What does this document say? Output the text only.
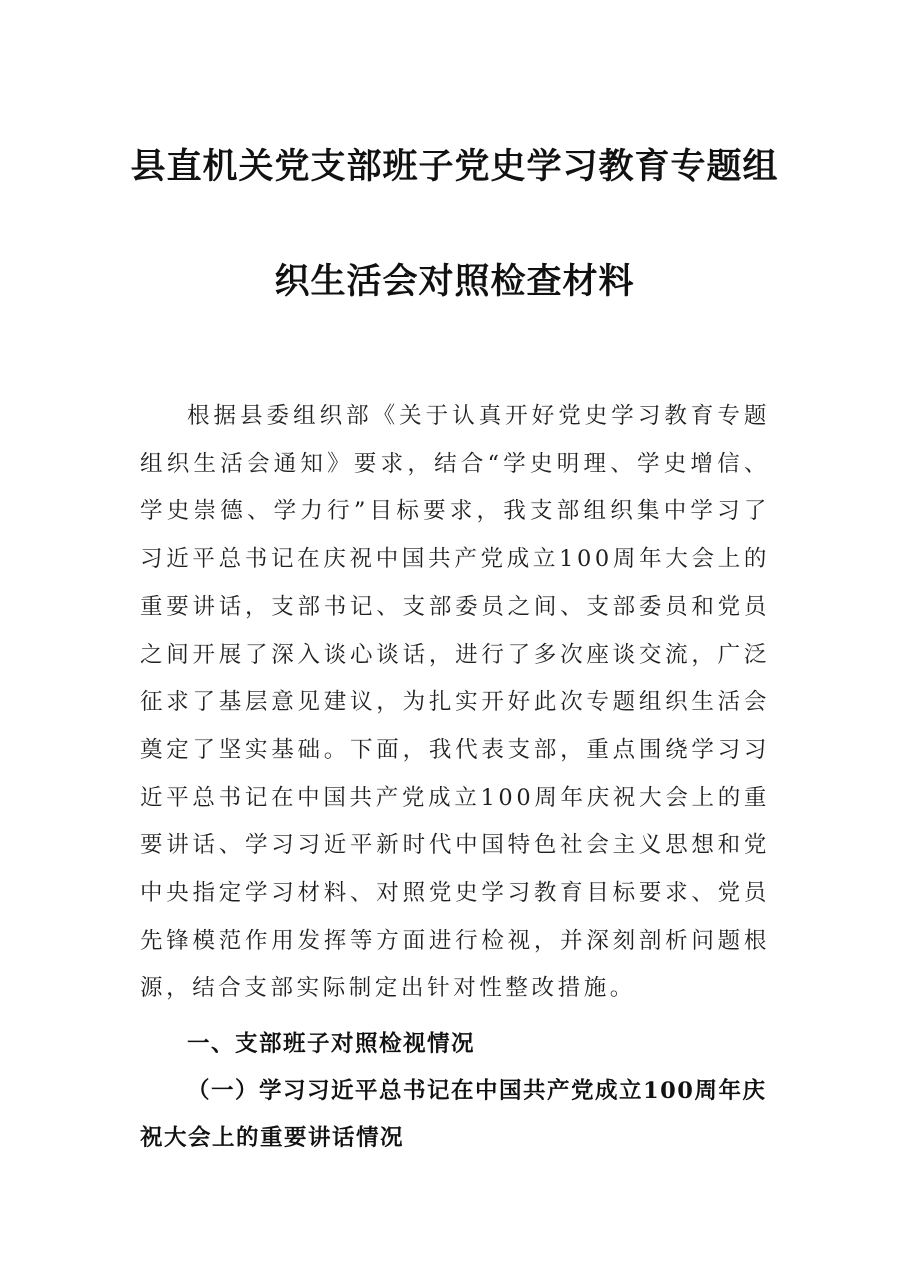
县直机关党支部班子党史学习教育专题组
织生活会对照检查材料

根据县委组织部《关于认真开好党史学习教育专题组织生活会通知》要求，结合“学史明理、学史增信、学史崇德、学力行”目标要求，我支部组织集中学习了习近平总书记在庆祝中国共产党成立100周年大会上的重要讲话，支部书记、支部委员之间、支部委员和党员之间开展了深入谈心谈话，进行了多次座谈交流，广泛征求了基层意见建议，为扎实开好此次专题组织生活会奠定了坚实基础。下面，我代表支部，重点围绕学习习近平总书记在中国共产党成立100周年庆祝大会上的重要讲话、学习习近平新时代中国特色社会主义思想和党中央指定学习材料、对照党史学习教育目标要求、党员先锋模范作用发挥等方面进行检视，并深刻剖析问题根源，结合支部实际制定出针对性整改措施。

一、支部班子对照检视情况

（一）学习习近平总书记在中国共产党成立100周年庆祝大会上的重要讲话情况
